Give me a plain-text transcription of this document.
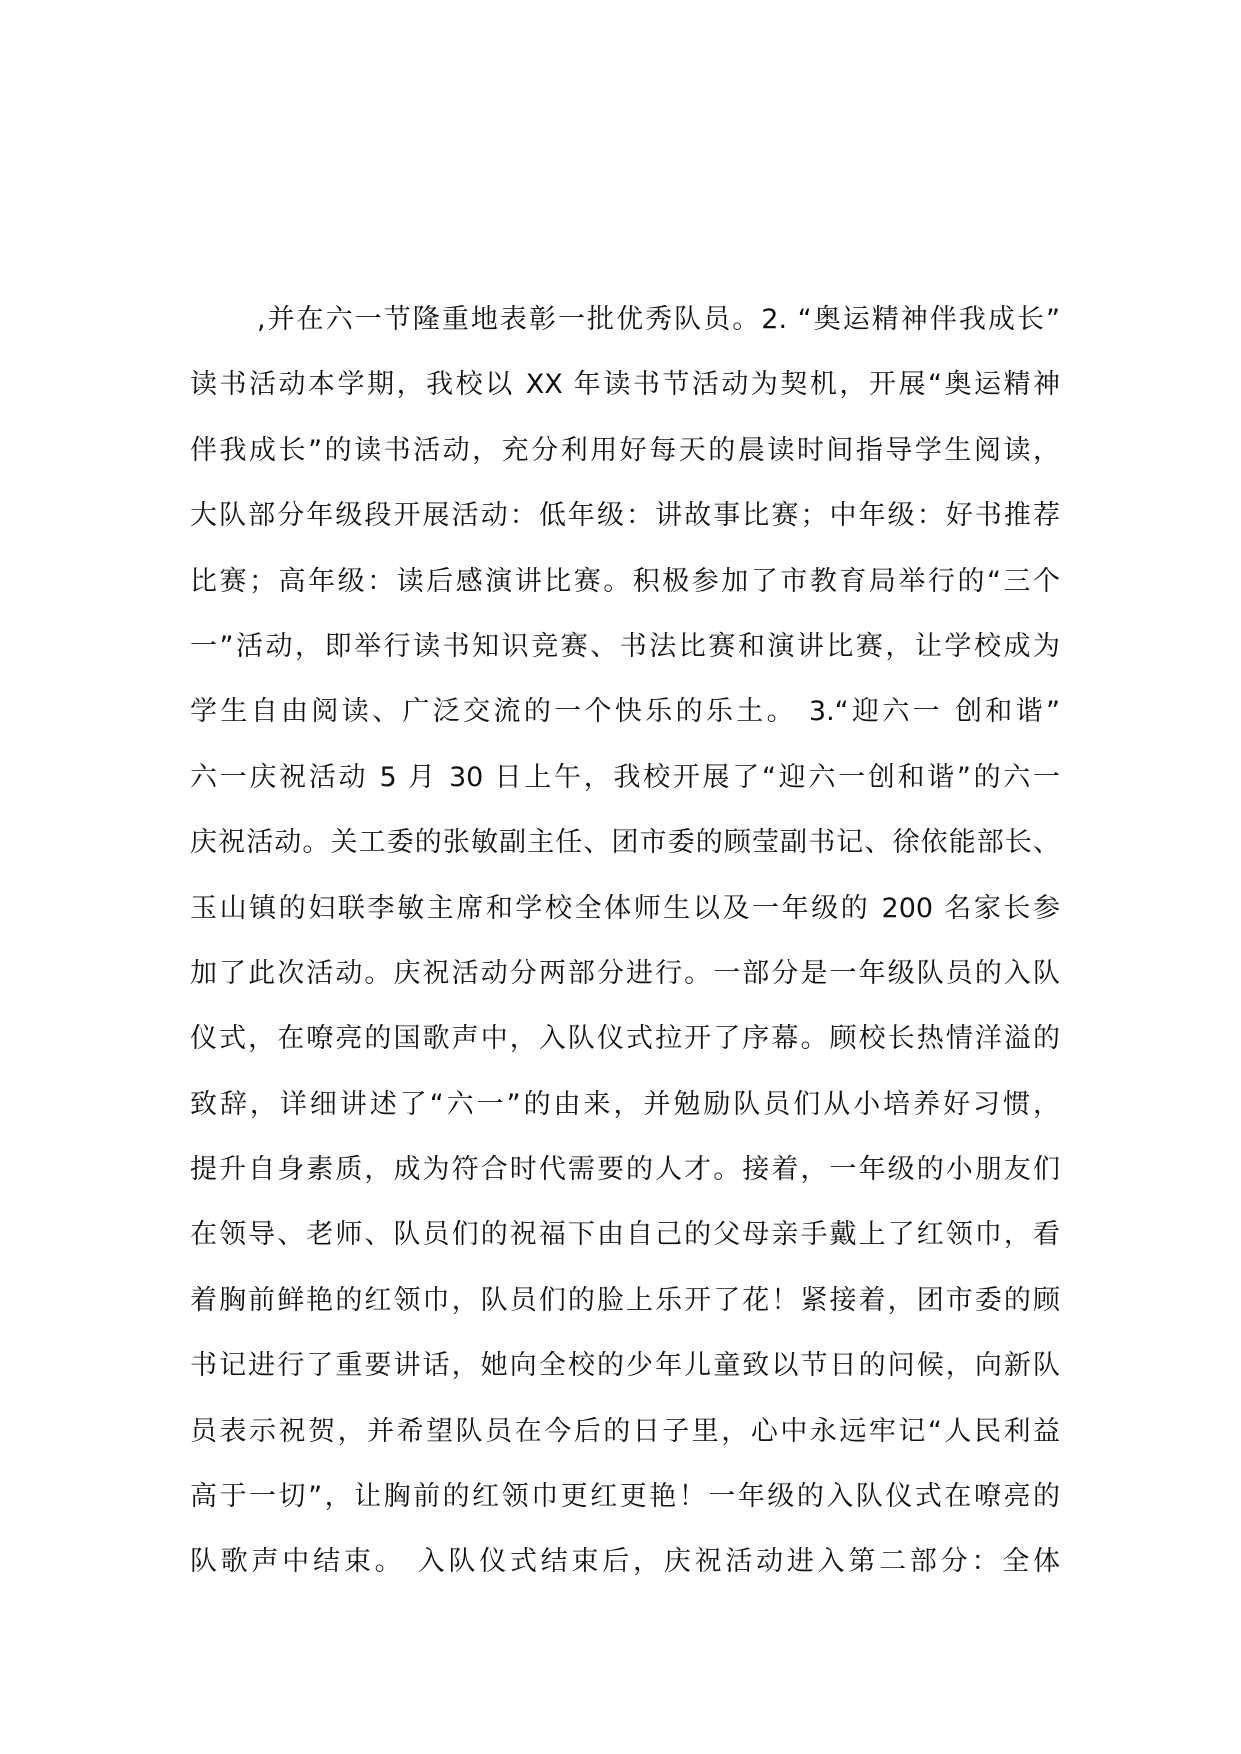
,并在六一节隆重地表彰一批优秀队员。2. “奥运精神伴我成长”
读书活动本学期，我校以 XX 年读书节活动为契机，开展“奥运精神
伴我成长”的读书活动，充分利用好每天的晨读时间指导学生阅读，
大队部分年级段开展活动：低年级：讲故事比赛；中年级：好书推荐
比赛；高年级：读后感演讲比赛。积极参加了市教育局举行的“三个
一”活动，即举行读书知识竞赛、书法比赛和演讲比赛，让学校成为
学生自由阅读、广泛交流的一个快乐的乐土。 3.“迎六一 创和谐”
六一庆祝活动 5 月 30 日上午，我校开展了“迎六一创和谐”的六一
庆祝活动。关工委的张敏副主任、团市委的顾莹副书记、徐依能部长、
玉山镇的妇联李敏主席和学校全体师生以及一年级的 200 名家长参
加了此次活动。庆祝活动分两部分进行。一部分是一年级队员的入队
仪式，在嘹亮的国歌声中，入队仪式拉开了序幕。顾校长热情洋溢的
致辞，详细讲述了“六一”的由来，并勉励队员们从小培养好习惯，
提升自身素质，成为符合时代需要的人才。接着，一年级的小朋友们
在领导、老师、队员们的祝福下由自己的父母亲手戴上了红领巾，看
着胸前鲜艳的红领巾，队员们的脸上乐开了花！紧接着，团市委的顾
书记进行了重要讲话，她向全校的少年儿童致以节日的问候，向新队
员表示祝贺，并希望队员在今后的日子里，心中永远牢记“人民利益
高于一切”，让胸前的红领巾更红更艳！一年级的入队仪式在嘹亮的
队歌声中结束。 入队仪式结束后，庆祝活动进入第二部分：全体
